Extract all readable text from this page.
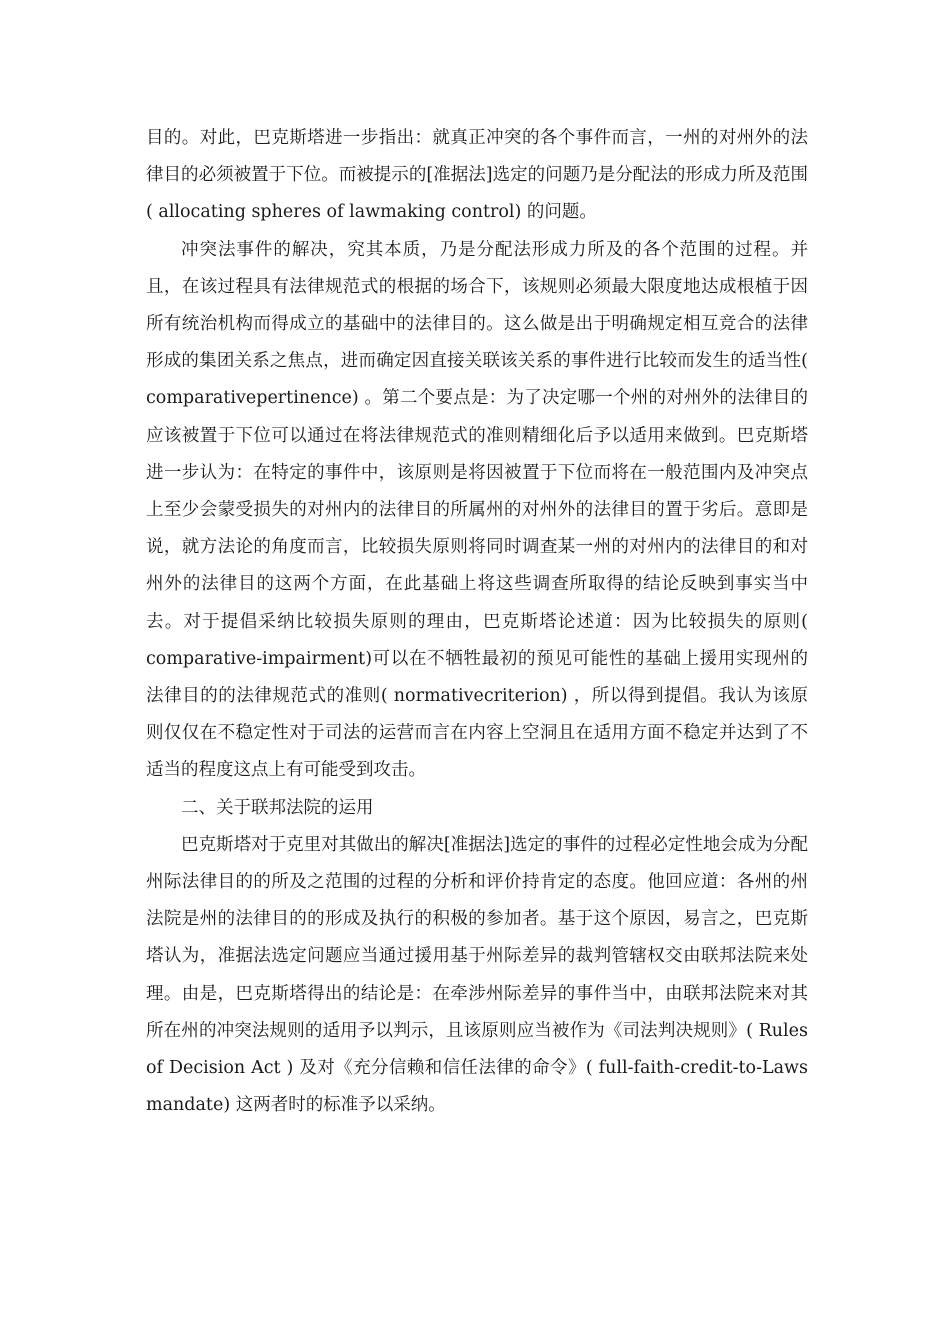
目的。对此，巴克斯塔进一步指出：就真正冲突的各个事件而言，一州的对州外的法律目的必须被置于下位。而被提示的[准据法]选定的问题乃是分配法的形成力所及范围( allocating spheres of lawmaking control) 的问题。

冲突法事件的解决，究其本质，乃是分配法形成力所及的各个范围的过程。并且，在该过程具有法律规范式的根据的场合下，该规则必须最大限度地达成根植于因所有统治机构而得成立的基础中的法律目的。这么做是出于明确规定相互竞合的法律形成的集团关系之焦点，进而确定因直接关联该关系的事件进行比较而发生的适当性( comparativepertinence) 。第二个要点是：为了决定哪一个州的对州外的法律目的应该被置于下位可以通过在将法律规范式的准则精细化后予以适用来做到。巴克斯塔进一步认为：在特定的事件中，该原则是将因被置于下位而将在一般范围内及冲突点上至少会蒙受损失的对州内的法律目的所属州的对州外的法律目的置于劣后。意即是说，就方法论的角度而言，比较损失原则将同时调查某一州的对州内的法律目的和对州外的法律目的这两个方面，在此基础上将这些调查所取得的结论反映到事实当中去。对于提倡采纳比较损失原则的理由，巴克斯塔论述道：因为比较损失的原则( comparative-impairment)可以在不牺牲最初的预见可能性的基础上援用实现州的法律目的的法律规范式的准则( normativecriterion) ，所以得到提倡。我认为该原则仅仅在不稳定性对于司法的运营而言在内容上空洞且在适用方面不稳定并达到了不适当的程度这点上有可能受到攻击。

二、关于联邦法院的运用

巴克斯塔对于克里对其做出的解决[准据法]选定的事件的过程必定性地会成为分配州际法律目的的所及之范围的过程的分析和评价持肯定的态度。他回应道：各州的州法院是州的法律目的的形成及执行的积极的参加者。基于这个原因，易言之，巴克斯塔认为，准据法选定问题应当通过援用基于州际差异的裁判管辖权交由联邦法院来处理。由是，巴克斯塔得出的结论是：在牵涉州际差异的事件当中，由联邦法院来对其所在州的冲突法规则的适用予以判示，且该原则应当被作为《司法判决规则》( Rules of Decision Act ) 及对《充分信赖和信任法律的命令》( full-faith-credit-to-Laws mandate) 这两者时的标准予以采纳。
